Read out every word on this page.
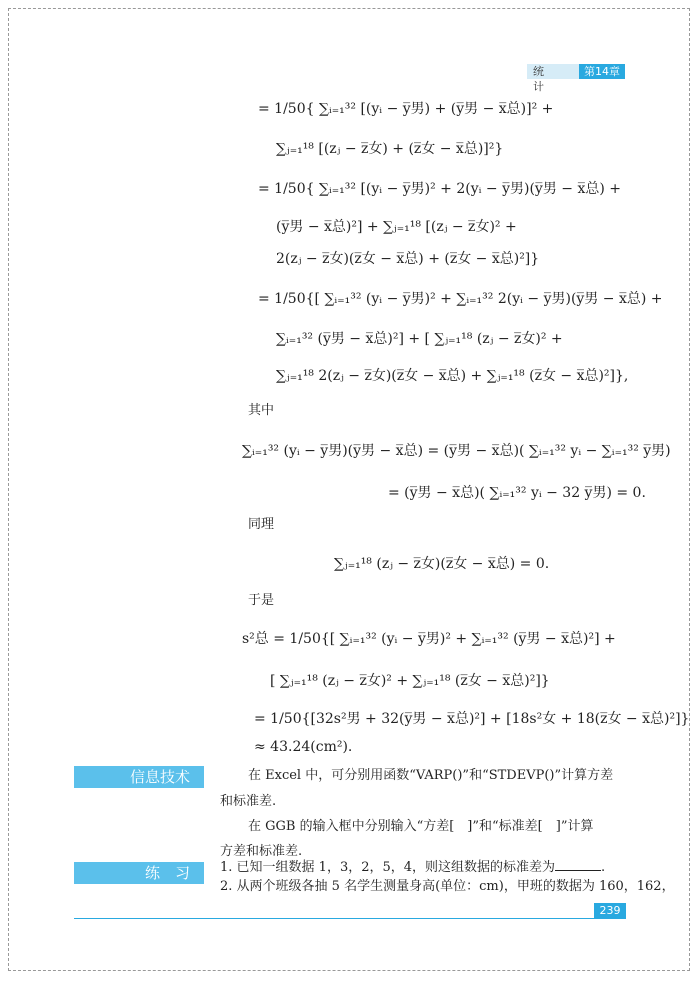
统 计
第14章
= 1/50{ ∑ᵢ₌₁³² [(yᵢ − y̅男) + (y̅男 − x̅总)]² +
∑ⱼ₌₁¹⁸ [(zⱼ − z̅女) + (z̅女 − x̅总)]²}
= 1/50{ ∑ᵢ₌₁³² [(yᵢ − y̅男)² + 2(yᵢ − y̅男)(y̅男 − x̅总) +
(y̅男 − x̅总)²] + ∑ⱼ₌₁¹⁸ [(zⱼ − z̅女)² +
2(zⱼ − z̅女)(z̅女 − x̅总) + (z̅女 − x̅总)²]}
= 1/50{[ ∑ᵢ₌₁³² (yᵢ − y̅男)² + ∑ᵢ₌₁³² 2(yᵢ − y̅男)(y̅男 − x̅总) +
∑ᵢ₌₁³² (y̅男 − x̅总)²] + [ ∑ⱼ₌₁¹⁸ (zⱼ − z̅女)² +
∑ⱼ₌₁¹⁸ 2(zⱼ − z̅女)(z̅女 − x̅总) + ∑ⱼ₌₁¹⁸ (z̅女 − x̅总)²]},
其中
∑ᵢ₌₁³² (yᵢ − y̅男)(y̅男 − x̅总) = (y̅男 − x̅总)( ∑ᵢ₌₁³² yᵢ − ∑ᵢ₌₁³² y̅男)
= (y̅男 − x̅总)( ∑ᵢ₌₁³² yᵢ − 32 y̅男) = 0.
同理
∑ⱼ₌₁¹⁸ (zⱼ − z̅女)(z̅女 − x̅总) = 0.
于是
s²总 = 1/50{[ ∑ᵢ₌₁³² (yᵢ − y̅男)² + ∑ᵢ₌₁³² (y̅男 − x̅总)²] +
[ ∑ⱼ₌₁¹⁸ (zⱼ − z̅女)² + ∑ⱼ₌₁¹⁸ (z̅女 − x̅总)²]}
= 1/50{[32s²男 + 32(y̅男 − x̅总)²] + [18s²女 + 18(z̅女 − x̅总)²]}
≈ 43.24(cm²).
信息技术	在 Excel 中，可分别用函数“VARP()”和“STDEVP()”计算方差
和标准差.
在 GGB 的输入框中分别输入“方差[　]”和“标准差[　]”计算
方差和标准差.
练　习	1. 已知一组数据 1，3，2，5，4，则这组数据的标准差为	.
2. 从两个班级各抽 5 名学生测量身高(单位：cm)，甲班的数据为 160，162，
239
